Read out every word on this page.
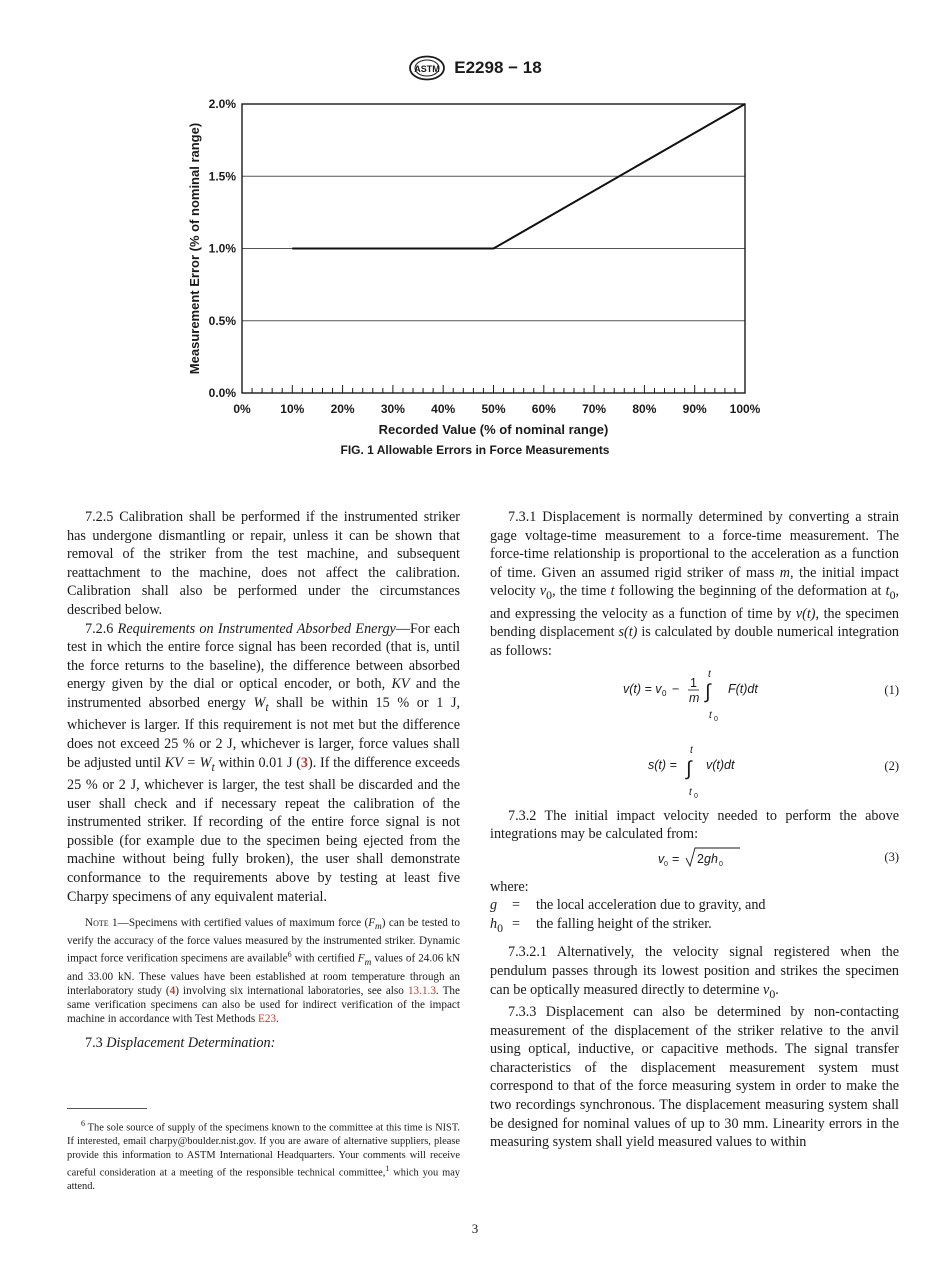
ASTM E2298 − 18
0.0%
0.5%
1.0%
1.5%
2.0%
0% 10% 20% 30% 40% 50% 60% 70% 80% 90% 100%
Recorded Value (% of nominal range)
Measurement Error (% of nominal range)
FIG. 1 Allowable Errors in Force Measurements

7.2.5 Calibration shall be performed if the instrumented striker has undergone dismantling or repair, unless it can be shown that removal of the striker from the test machine, and subsequent reattachment to the machine, does not affect the calibration. Calibration shall also be performed under the circumstances described below.

7.2.6 Requirements on Instrumented Absorbed Energy—For each test in which the entire force signal has been recorded (that is, until the force returns to the baseline), the difference between absorbed energy given by the dial or optical encoder, or both, KV and the instrumented absorbed energy $W_t$ shall be within 15 % or 1 J, whichever is larger. If this requirement is not met but the difference does not exceed 25 % or 2 J, whichever is larger, force values shall be adjusted until KV = $W_t$ within 0.01 J (3). If the difference exceeds 25 % or 2 J, whichever is larger, the test shall be discarded and the user shall check and if necessary repeat the calibration of the instrumented striker. If recording of the entire force signal is not possible (for example due to the specimen being ejected from the machine without being fully broken), the user shall demonstrate conformance to the requirements above by testing at least five Charpy specimens of any equivalent material.

Note 1—Specimens with certified values of maximum force $(F_m)$ can be tested to verify the accuracy of the force values measured by the instrumented striker. Dynamic impact force verification specimens are available$^6$ with certified $F_m$ values of 24.06 kN and 33.00 kN. These values have been established at room temperature through an interlaboratory study (4) involving six international laboratories, see also 13.1.3. The same verification specimens can also be used for indirect verification of the impact machine in accordance with Test Methods E23.

7.3 Displacement Determination:

7.3.1 Displacement is normally determined by converting a strain gage voltage-time measurement to a force-time measurement. The force-time relationship is proportional to the acceleration as a function of time. Given an assumed rigid striker of mass m, the initial impact velocity $v_0$, the time t following the beginning of the deformation at $t_0$, and expressing the velocity as a function of time by v(t), the specimen bending displacement s(t) is calculated by double numerical integration as follows:

v(t) = v 0 − 1
m ∫
t
t 0
F(t)dt	(1)
s(t) = ∫
t
t 0
v(t)dt	(2)

7.3.2 The initial impact velocity needed to perform the above integrations may be calculated from:

v 0 = 2 gh 0
(3)

where:

g	=	the local acceleration due to gravity, and
$h_0$ =	the falling height of the striker.

7.3.2.1 Alternatively, the velocity signal registered when the pendulum passes through its lowest position and strikes the specimen can be optically measured directly to determine $v_0$.

7.3.3 Displacement can also be determined by non-contacting measurement of the displacement of the striker relative to the anvil using optical, inductive, or capacitive methods. The signal transfer characteristics of the displacement measurement system must correspond to that of the force measuring system in order to make the two recordings synchronous. The displacement measuring system shall be designed for nominal values of up to 30 mm. Linearity errors in the measuring system shall yield measured values to within

$^6$ The sole source of supply of the specimens known to the committee at this time is NIST. If interested, email charpy@boulder.nist.gov. If you are aware of alternative suppliers, please provide this information to ASTM International Headquarters. Your comments will receive careful consideration at a meeting of the responsible technical committee,$^1$ which you may attend.
3
